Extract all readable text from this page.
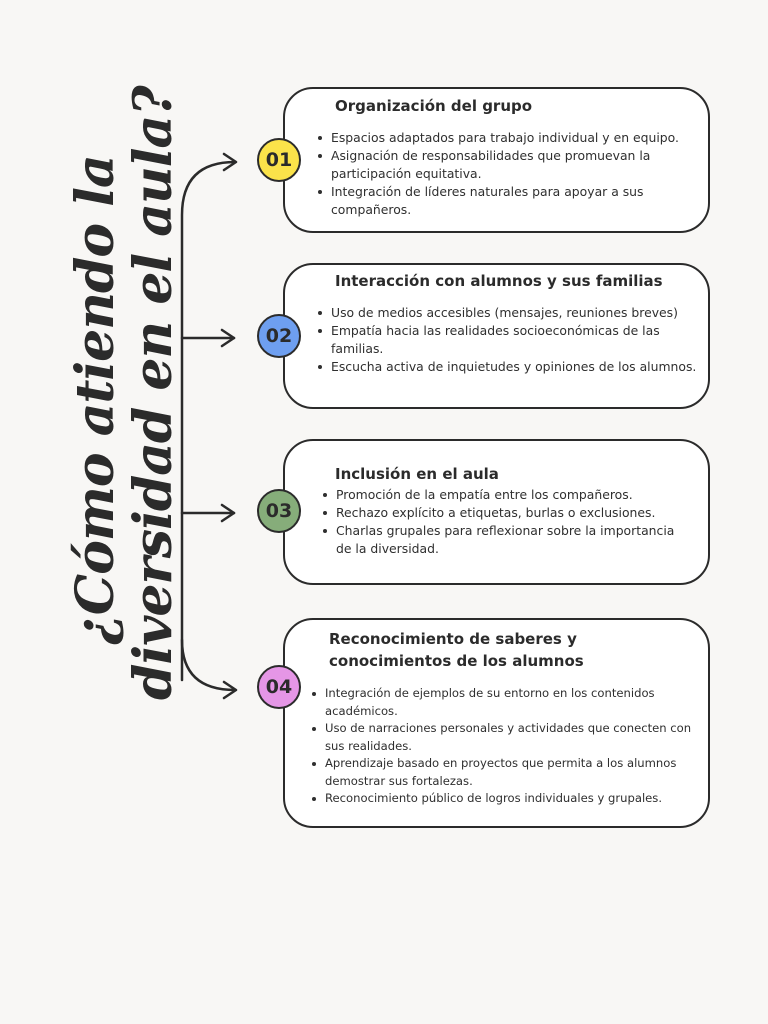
¿Cómo atiendo la
diversidad en el aula?	Organización del grupo
Espacios adaptados para trabajo individual y en equipo.
Asignación de responsabilidades que promuevan la participación equitativa.
Integración de líderes naturales para apoyar a sus compañeros.
01
Interacción con alumnos y sus familias
Uso de medios accesibles (mensajes, reuniones breves)
Empatía hacia las realidades socioeconómicas de las familias.
Escucha activa de inquietudes y opiniones de los alumnos.
02
Inclusión en el aula
Promoción de la empatía entre los compañeros.
Rechazo explícito a etiquetas, burlas o exclusiones.
Charlas grupales para reflexionar sobre la importancia de la diversidad.
03
Reconocimiento de saberes y conocimientos de los alumnos
Integración de ejemplos de su entorno en los contenidos académicos.
Uso de narraciones personales y actividades que conecten con sus realidades.
Aprendizaje basado en proyectos que permita a los alumnos demostrar sus fortalezas.
Reconocimiento público de logros individuales y grupales.
04
